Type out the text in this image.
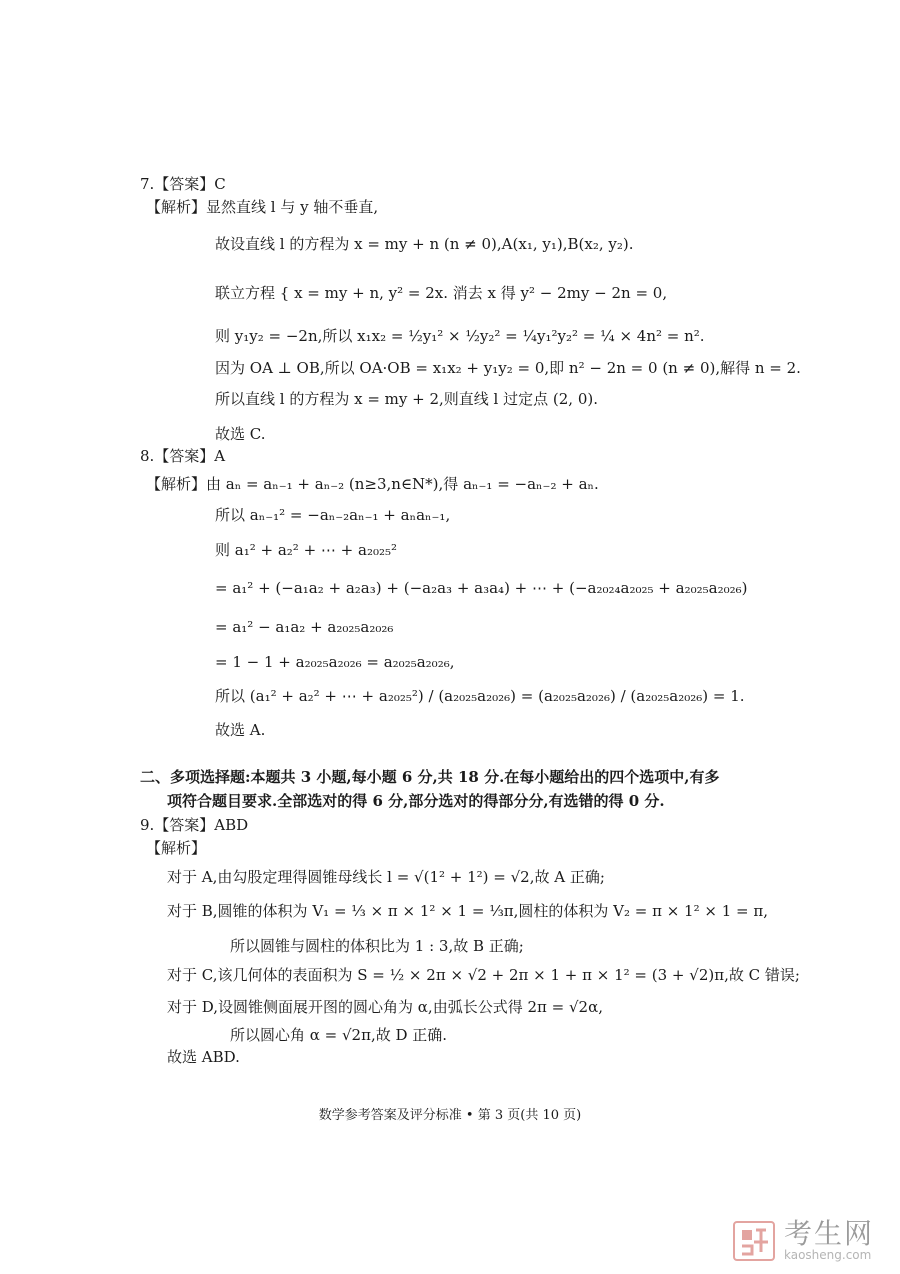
7.【答案】C
【解析】显然直线 l 与 y 轴不垂直,
故设直线 l 的方程为 x = my + n (n ≠ 0),A(x₁, y₁),B(x₂, y₂).
联立方程 { x = my + n, y² = 2x. 消去 x 得 y² − 2my − 2n = 0,
则 y₁y₂ = −2n,所以 x₁x₂ = ½y₁² × ½y₂² = ¼y₁²y₂² = ¼ × 4n² = n².
因为 OA ⊥ OB,所以 OA·OB = x₁x₂ + y₁y₂ = 0,即 n² − 2n = 0 (n ≠ 0),解得 n = 2.
所以直线 l 的方程为 x = my + 2,则直线 l 过定点 (2, 0).
故选 C.
8.【答案】A
【解析】由 aₙ = aₙ₋₁ + aₙ₋₂ (n≥3,n∈N*),得 aₙ₋₁ = −aₙ₋₂ + aₙ.
所以 aₙ₋₁² = −aₙ₋₂aₙ₋₁ + aₙaₙ₋₁,
则 a₁² + a₂² + ⋯ + a₂₀₂₅²
= a₁² + (−a₁a₂ + a₂a₃) + (−a₂a₃ + a₃a₄) + ⋯ + (−a₂₀₂₄a₂₀₂₅ + a₂₀₂₅a₂₀₂₆)
= a₁² − a₁a₂ + a₂₀₂₅a₂₀₂₆
= 1 − 1 + a₂₀₂₅a₂₀₂₆ = a₂₀₂₅a₂₀₂₆,
所以 (a₁² + a₂² + ⋯ + a₂₀₂₅²) / (a₂₀₂₅a₂₀₂₆) = (a₂₀₂₅a₂₀₂₆) / (a₂₀₂₅a₂₀₂₆) = 1.
故选 A.
二、多项选择题:本题共 3 小题,每小题 6 分,共 18 分.在每小题给出的四个选项中,有多
项符合题目要求.全部选对的得 6 分,部分选对的得部分分,有选错的得 0 分.
9.【答案】ABD
【解析】
对于 A,由勾股定理得圆锥母线长 l = √(1² + 1²) = √2,故 A 正确;
对于 B,圆锥的体积为 V₁ = ⅓ × π × 1² × 1 = ⅓π,圆柱的体积为 V₂ = π × 1² × 1 = π,
所以圆锥与圆柱的体积比为 1 : 3,故 B 正确;
对于 C,该几何体的表面积为 S = ½ × 2π × √2 + 2π × 1 + π × 1² = (3 + √2)π,故 C 错误;
对于 D,设圆锥侧面展开图的圆心角为 α,由弧长公式得 2π = √2α,
所以圆心角 α = √2π,故 D 正确.
故选 ABD.
数学参考答案及评分标准 • 第 3 页(共 10 页)
考生网
kaosheng.com
